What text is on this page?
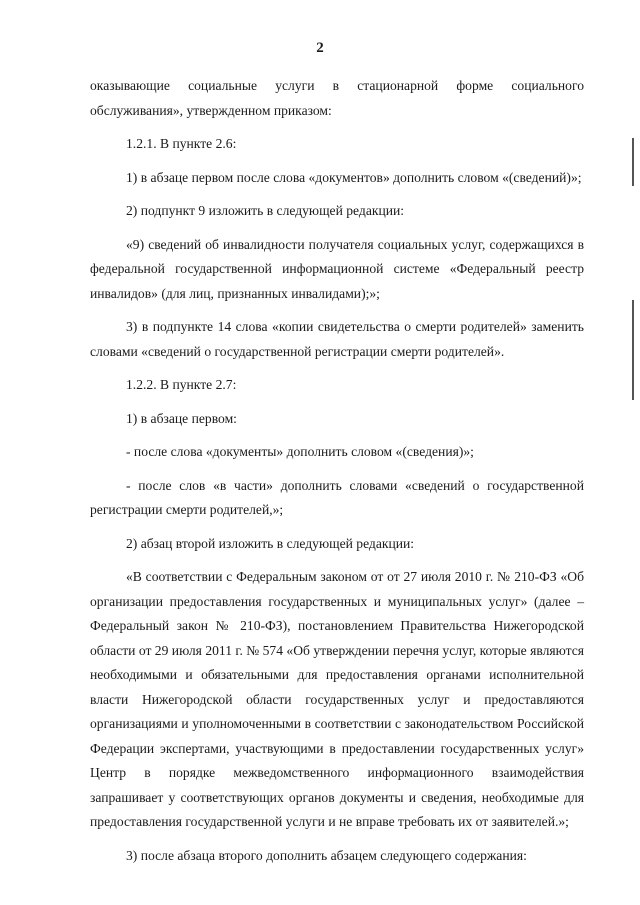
2

оказывающие социальные услуги в стационарной форме социального обслуживания», утвержденном приказом:

1.2.1. В пункте 2.6:

1) в абзаце первом после слова «документов» дополнить словом «(сведений)»;

2) подпункт 9 изложить в следующей редакции:

«9) сведений об инвалидности получателя социальных услуг, содержащихся в федеральной государственной информационной системе «Федеральный реестр инвалидов» (для лиц, признанных инвалидами);»;

3) в подпункте 14 слова «копии свидетельства о смерти родителей» заменить словами «сведений о государственной регистрации смерти родителей».

1.2.2. В пункте 2.7:

1) в абзаце первом:

- после слова «документы» дополнить словом «(сведения)»;

- после слов «в части» дополнить словами «сведений о государственной регистрации смерти родителей,»;

2) абзац второй изложить в следующей редакции:

«В соответствии с Федеральным законом от от 27 июля 2010 г. № 210-ФЗ «Об организации предоставления государственных и муниципальных услуг» (далее – Федеральный закон № 210-ФЗ), постановлением Правительства Нижегородской области от 29 июля 2011 г. № 574 «Об утверждении перечня услуг, которые являются необходимыми и обязательными для предоставления органами исполнительной власти Нижегородской области государственных услуг и предоставляются организациями и уполномоченными в соответствии с законодательством Российской Федерации экспертами, участвующими в предоставлении государственных услуг» Центр в порядке межведомственного информационного взаимодействия запрашивает у соответствующих органов документы и сведения, необходимые для предоставления государственной услуги и не вправе требовать их от заявителей.»;

3) после абзаца второго дополнить абзацем следующего содержания:
